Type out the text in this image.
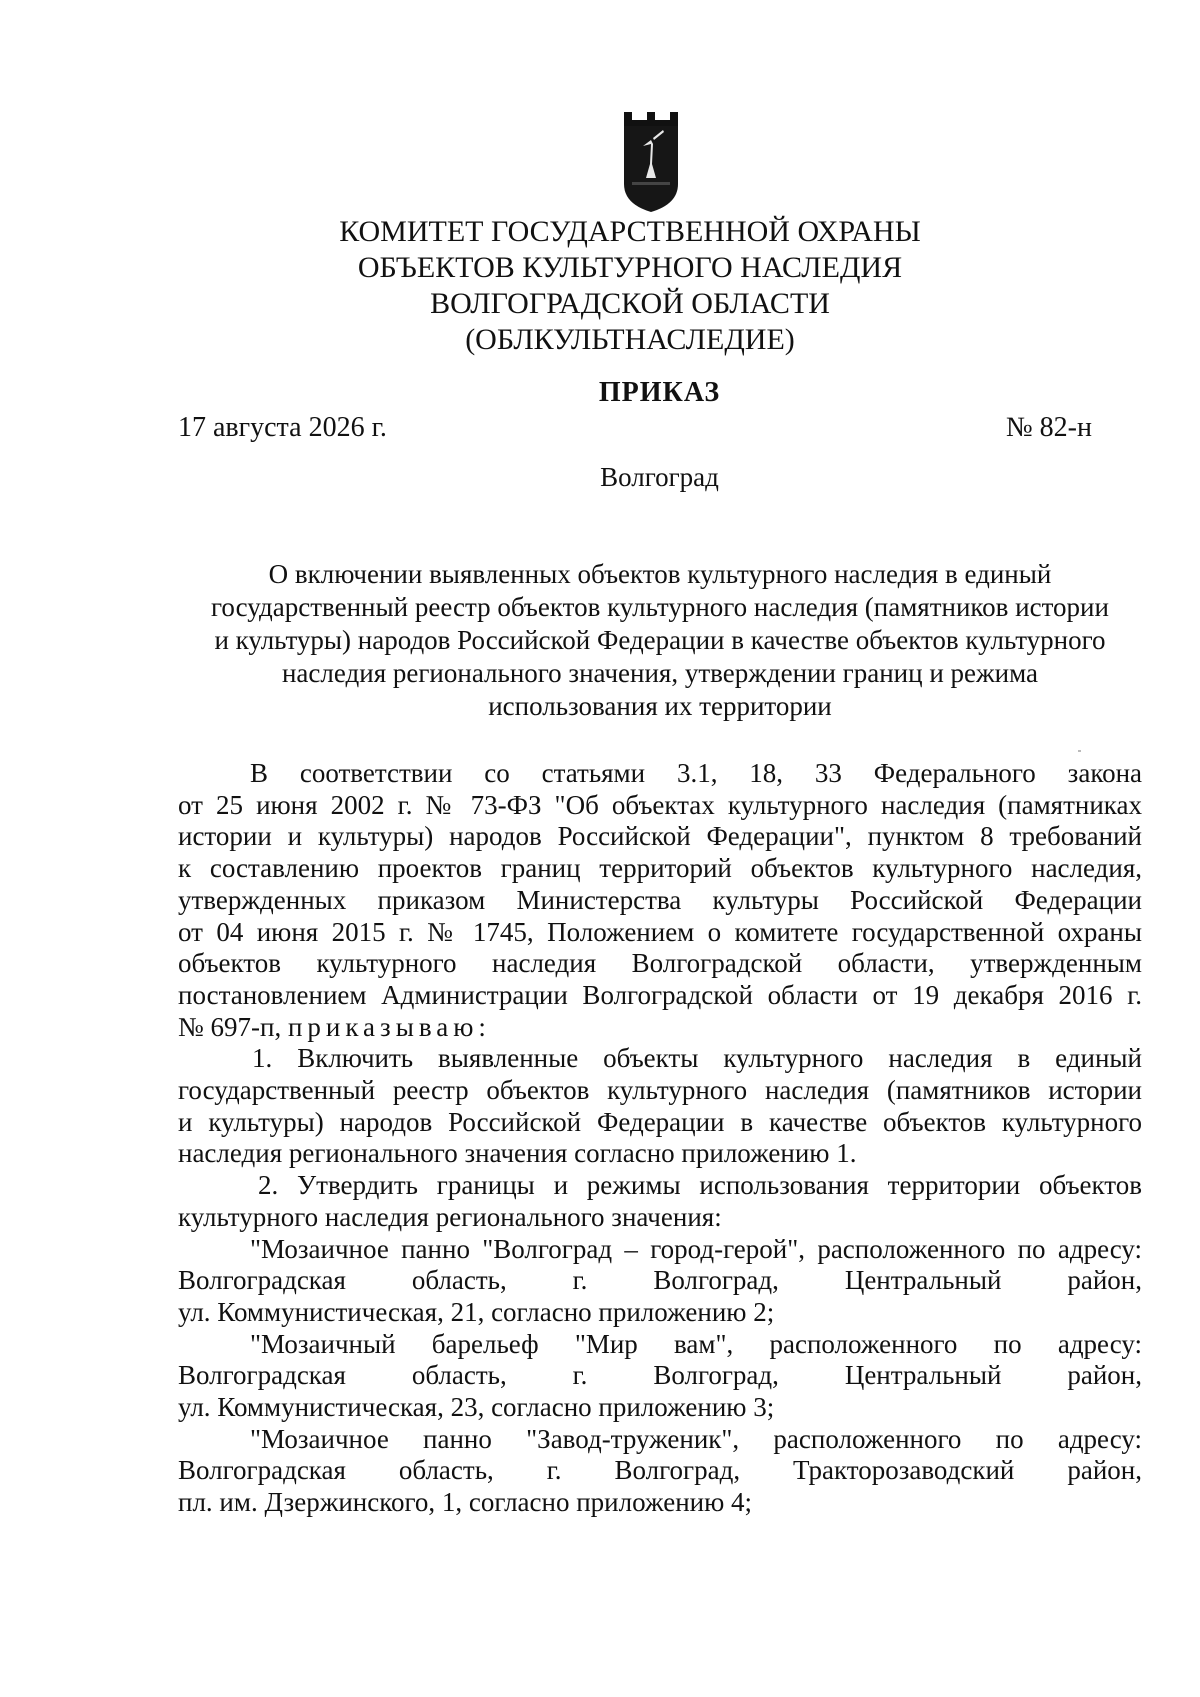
КОМИТЕТ ГОСУДАРСТВЕННОЙ ОХРАНЫ
ОБЪЕКТОВ КУЛЬТУРНОГО НАСЛЕДИЯ
ВОЛГОГРАДСКОЙ ОБЛАСТИ
(ОБЛКУЛЬТНАСЛЕДИЕ)
ПРИКАЗ
17 августа 2026 г.	№ 82-н
Волгоград
О включении выявленных объектов культурного наследия в единый
государственный реестр объектов культурного наследия (памятников истории
и культуры) народов Российской Федерации в качестве объектов культурного
наследия регионального значения, утверждении границ и режима
использования их территории
В соответствии со статьями 3.1, 18, 33 Федерального закона
от 25 июня 2002 г. № 73-ФЗ "Об объектах культурного наследия (памятниках
истории и культуры) народов Российской Федерации", пунктом 8 требований
к составлению проектов границ территорий объектов культурного наследия,
утвержденных приказом Министерства культуры Российской Федерации
от 04 июня 2015 г. № 1745, Положением о комитете государственной охраны
объектов культурного наследия Волгоградской области, утвержденным
постановлением Администрации Волгоградской области от 19 декабря 2016 г.
№ 697-п, приказываю:
1. Включить выявленные объекты культурного наследия в единый
государственный реестр объектов культурного наследия (памятников истории
и культуры) народов Российской Федерации в качестве объектов культурного
наследия регионального значения согласно приложению 1.
2. Утвердить границы и режимы использования территории объектов
культурного наследия регионального значения:
"Мозаичное панно "Волгоград – город-герой", расположенного по адресу:
Волгоградская область, г. Волгоград, Центральный район,
ул. Коммунистическая, 21, согласно приложению 2;
"Мозаичный барельеф "Мир вам", расположенного по адресу:
Волгоградская область, г. Волгоград, Центральный район,
ул. Коммунистическая, 23, согласно приложению 3;
"Мозаичное панно "Завод-труженик", расположенного по адресу:
Волгоградская область, г. Волгоград, Тракторозаводский район,
пл. им. Дзержинского, 1, согласно приложению 4;
